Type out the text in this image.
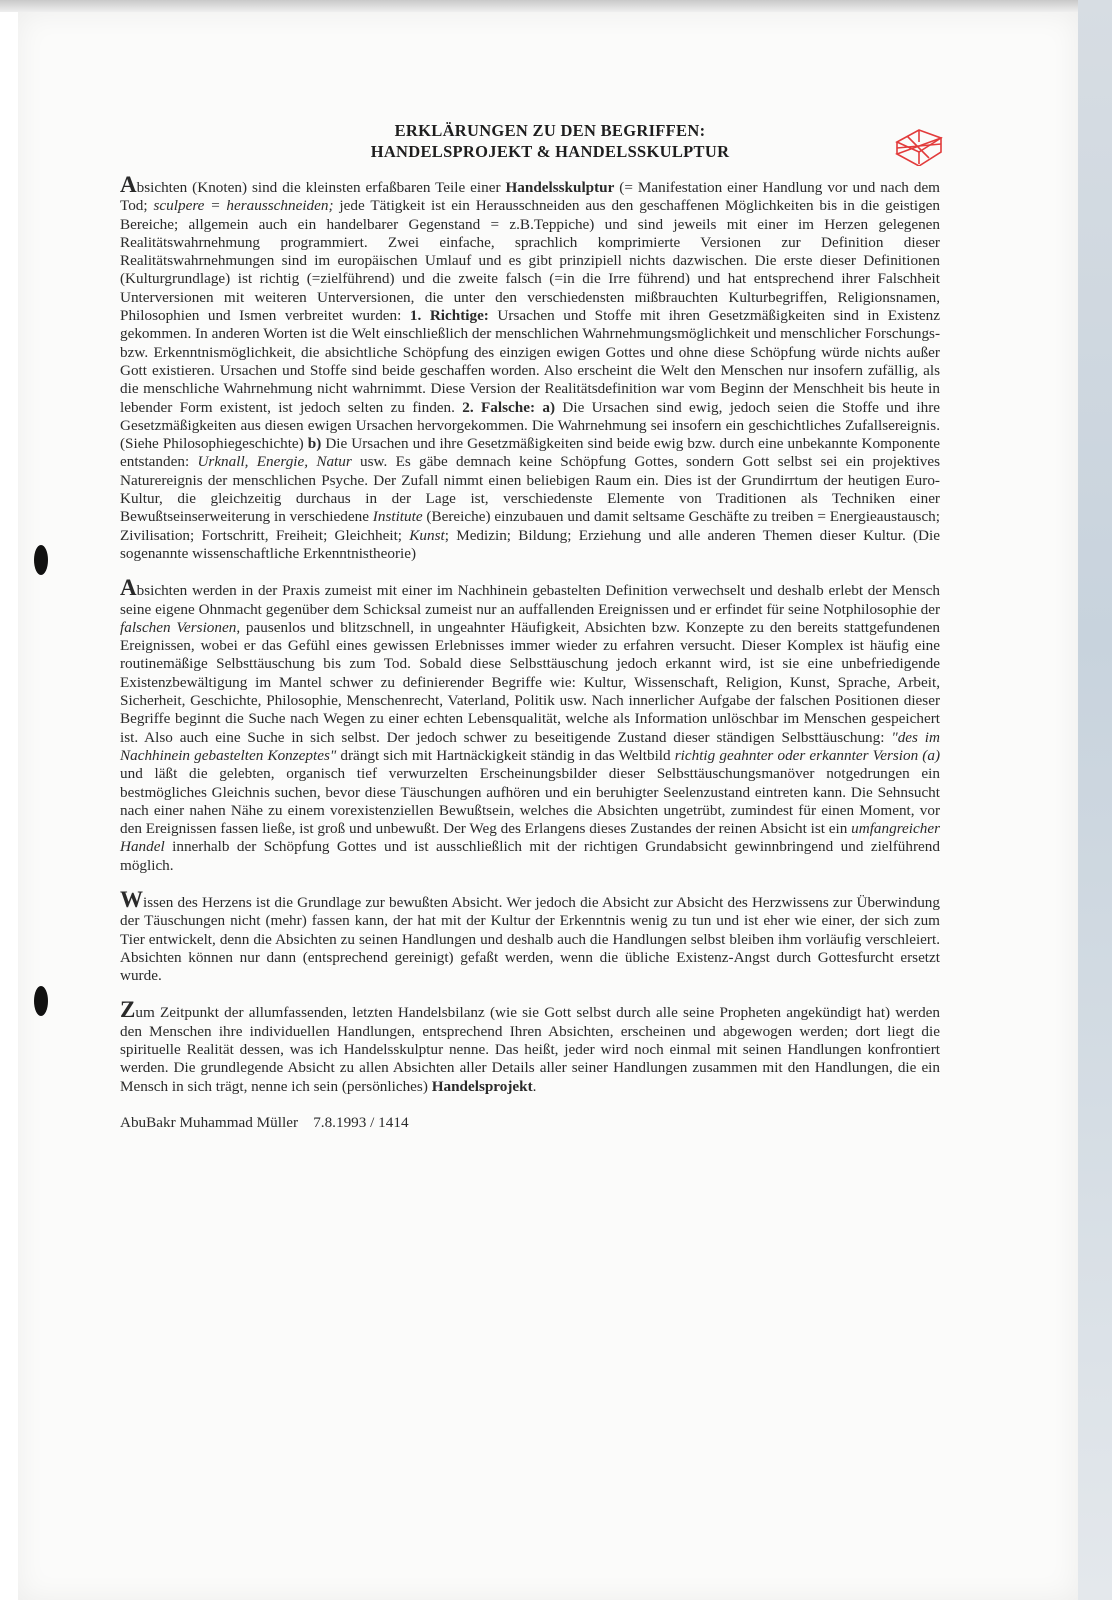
ERKLÄRUNGEN ZU DEN BEGRIFFEN:
HANDELSPROJEKT & HANDELSSKULPTUR

Absichten (Knoten) sind die kleinsten erfaßbaren Teile einer Handelsskulptur (= Manifestation einer Handlung vor und nach dem Tod; sculpere = herausschneiden; jede Tätigkeit ist ein Herausschneiden aus den geschaffenen Möglichkeiten bis in die geistigen Bereiche; allgemein auch ein handelbarer Gegenstand = z.B.Teppiche) und sind jeweils mit einer im Herzen gelegenen Realitätswahrnehmung programmiert. Zwei einfache, sprachlich komprimierte Versionen zur Definition dieser Realitätswahrnehmungen sind im europäischen Umlauf und es gibt prinzipiell nichts dazwischen. Die erste dieser Definitionen (Kulturgrundlage) ist richtig (=zielführend) und die zweite falsch (=in die Irre führend) und hat entsprechend ihrer Falschheit Unterversionen mit weiteren Unterversionen, die unter den verschiedensten mißbrauchten Kulturbegriffen, Religionsnamen, Philosophien und Ismen verbreitet wurden: 1. Richtige: Ursachen und Stoffe mit ihren Gesetzmäßigkeiten sind in Existenz gekommen. In anderen Worten ist die Welt einschließlich der menschlichen Wahrnehmungsmöglichkeit und menschlicher Forschungs- bzw. Erkenntnismöglichkeit, die absichtliche Schöpfung des einzigen ewigen Gottes und ohne diese Schöpfung würde nichts außer Gott existieren. Ursachen und Stoffe sind beide geschaffen worden. Also erscheint die Welt den Menschen nur insofern zufällig, als die menschliche Wahrnehmung nicht wahrnimmt. Diese Version der Realitätsdefinition war vom Beginn der Menschheit bis heute in lebender Form existent, ist jedoch selten zu finden. 2. Falsche: a) Die Ursachen sind ewig, jedoch seien die Stoffe und ihre Gesetzmäßigkeiten aus diesen ewigen Ursachen hervorgekommen. Die Wahrnehmung sei insofern ein geschichtliches Zufallsereignis. (Siehe Philosophiegeschichte) b) Die Ursachen und ihre Gesetzmäßigkeiten sind beide ewig bzw. durch eine unbekannte Komponente entstanden: Urknall, Energie, Natur usw. Es gäbe demnach keine Schöpfung Gottes, sondern Gott selbst sei ein projektives Naturereignis der menschlichen Psyche. Der Zufall nimmt einen beliebigen Raum ein. Dies ist der Grundirrtum der heutigen Euro-Kultur, die gleichzeitig durchaus in der Lage ist, verschiedenste Elemente von Traditionen als Techniken einer Bewußtseinserweiterung in verschiedene Institute (Bereiche) einzubauen und damit seltsame Geschäfte zu treiben = Energieaustausch; Zivilisation; Fortschritt, Freiheit; Gleichheit; Kunst; Medizin; Bildung; Erziehung und alle anderen Themen dieser Kultur. (Die sogenannte wissenschaftliche Erkenntnistheorie)

Absichten werden in der Praxis zumeist mit einer im Nachhinein gebastelten Definition verwechselt und deshalb erlebt der Mensch seine eigene Ohnmacht gegenüber dem Schicksal zumeist nur an auffallenden Ereignissen und er erfindet für seine Notphilosophie der falschen Versionen, pausenlos und blitzschnell, in ungeahnter Häufigkeit, Absichten bzw. Konzepte zu den bereits stattgefundenen Ereignissen, wobei er das Gefühl eines gewissen Erlebnisses immer wieder zu erfahren versucht. Dieser Komplex ist häufig eine routinemäßige Selbsttäuschung bis zum Tod. Sobald diese Selbsttäuschung jedoch erkannt wird, ist sie eine unbefriedigende Existenzbewältigung im Mantel schwer zu definierender Begriffe wie: Kultur, Wissenschaft, Religion, Kunst, Sprache, Arbeit, Sicherheit, Geschichte, Philosophie, Menschenrecht, Vaterland, Politik usw. Nach innerlicher Aufgabe der falschen Positionen dieser Begriffe beginnt die Suche nach Wegen zu einer echten Lebensqualität, welche als Information unlöschbar im Menschen gespeichert ist. Also auch eine Suche in sich selbst. Der jedoch schwer zu beseitigende Zustand dieser ständigen Selbsttäuschung: "des im Nachhinein gebastelten Konzeptes" drängt sich mit Hartnäckigkeit ständig in das Weltbild richtig geahnter oder erkannter Version (a) und läßt die gelebten, organisch tief verwurzelten Erscheinungsbilder dieser Selbsttäuschungsmanöver notgedrungen ein bestmögliches Gleichnis suchen, bevor diese Täuschungen aufhören und ein beruhigter Seelenzustand eintreten kann. Die Sehnsucht nach einer nahen Nähe zu einem vorexistenziellen Bewußtsein, welches die Absichten ungetrübt, zumindest für einen Moment, vor den Ereignissen fassen ließe, ist groß und unbewußt. Der Weg des Erlangens dieses Zustandes der reinen Absicht ist ein umfangreicher Handel innerhalb der Schöpfung Gottes und ist ausschließlich mit der richtigen Grundabsicht gewinnbringend und zielführend möglich.

Wissen des Herzens ist die Grundlage zur bewußten Absicht. Wer jedoch die Absicht zur Absicht des Herzwissens zur Überwindung der Täuschungen nicht (mehr) fassen kann, der hat mit der Kultur der Erkenntnis wenig zu tun und ist eher wie einer, der sich zum Tier entwickelt, denn die Absichten zu seinen Handlungen und deshalb auch die Handlungen selbst bleiben ihm vorläufig verschleiert. Absichten können nur dann (entsprechend gereinigt) gefaßt werden, wenn die übliche Existenz-Angst durch Gottesfurcht ersetzt wurde.

Zum Zeitpunkt der allumfassenden, letzten Handelsbilanz (wie sie Gott selbst durch alle seine Propheten angekündigt hat) werden den Menschen ihre individuellen Handlungen, entsprechend Ihren Absichten, erscheinen und abgewogen werden; dort liegt die spirituelle Realität dessen, was ich Handelsskulptur nenne. Das heißt, jeder wird noch einmal mit seinen Handlungen konfrontiert werden. Die grundlegende Absicht zu allen Absichten aller Details aller seiner Handlungen zusammen mit den Handlungen, die ein Mensch in sich trägt, nenne ich sein (persönliches) Handelsprojekt.

AbuBakr Muhammad Müller    7.8.1993 / 1414
